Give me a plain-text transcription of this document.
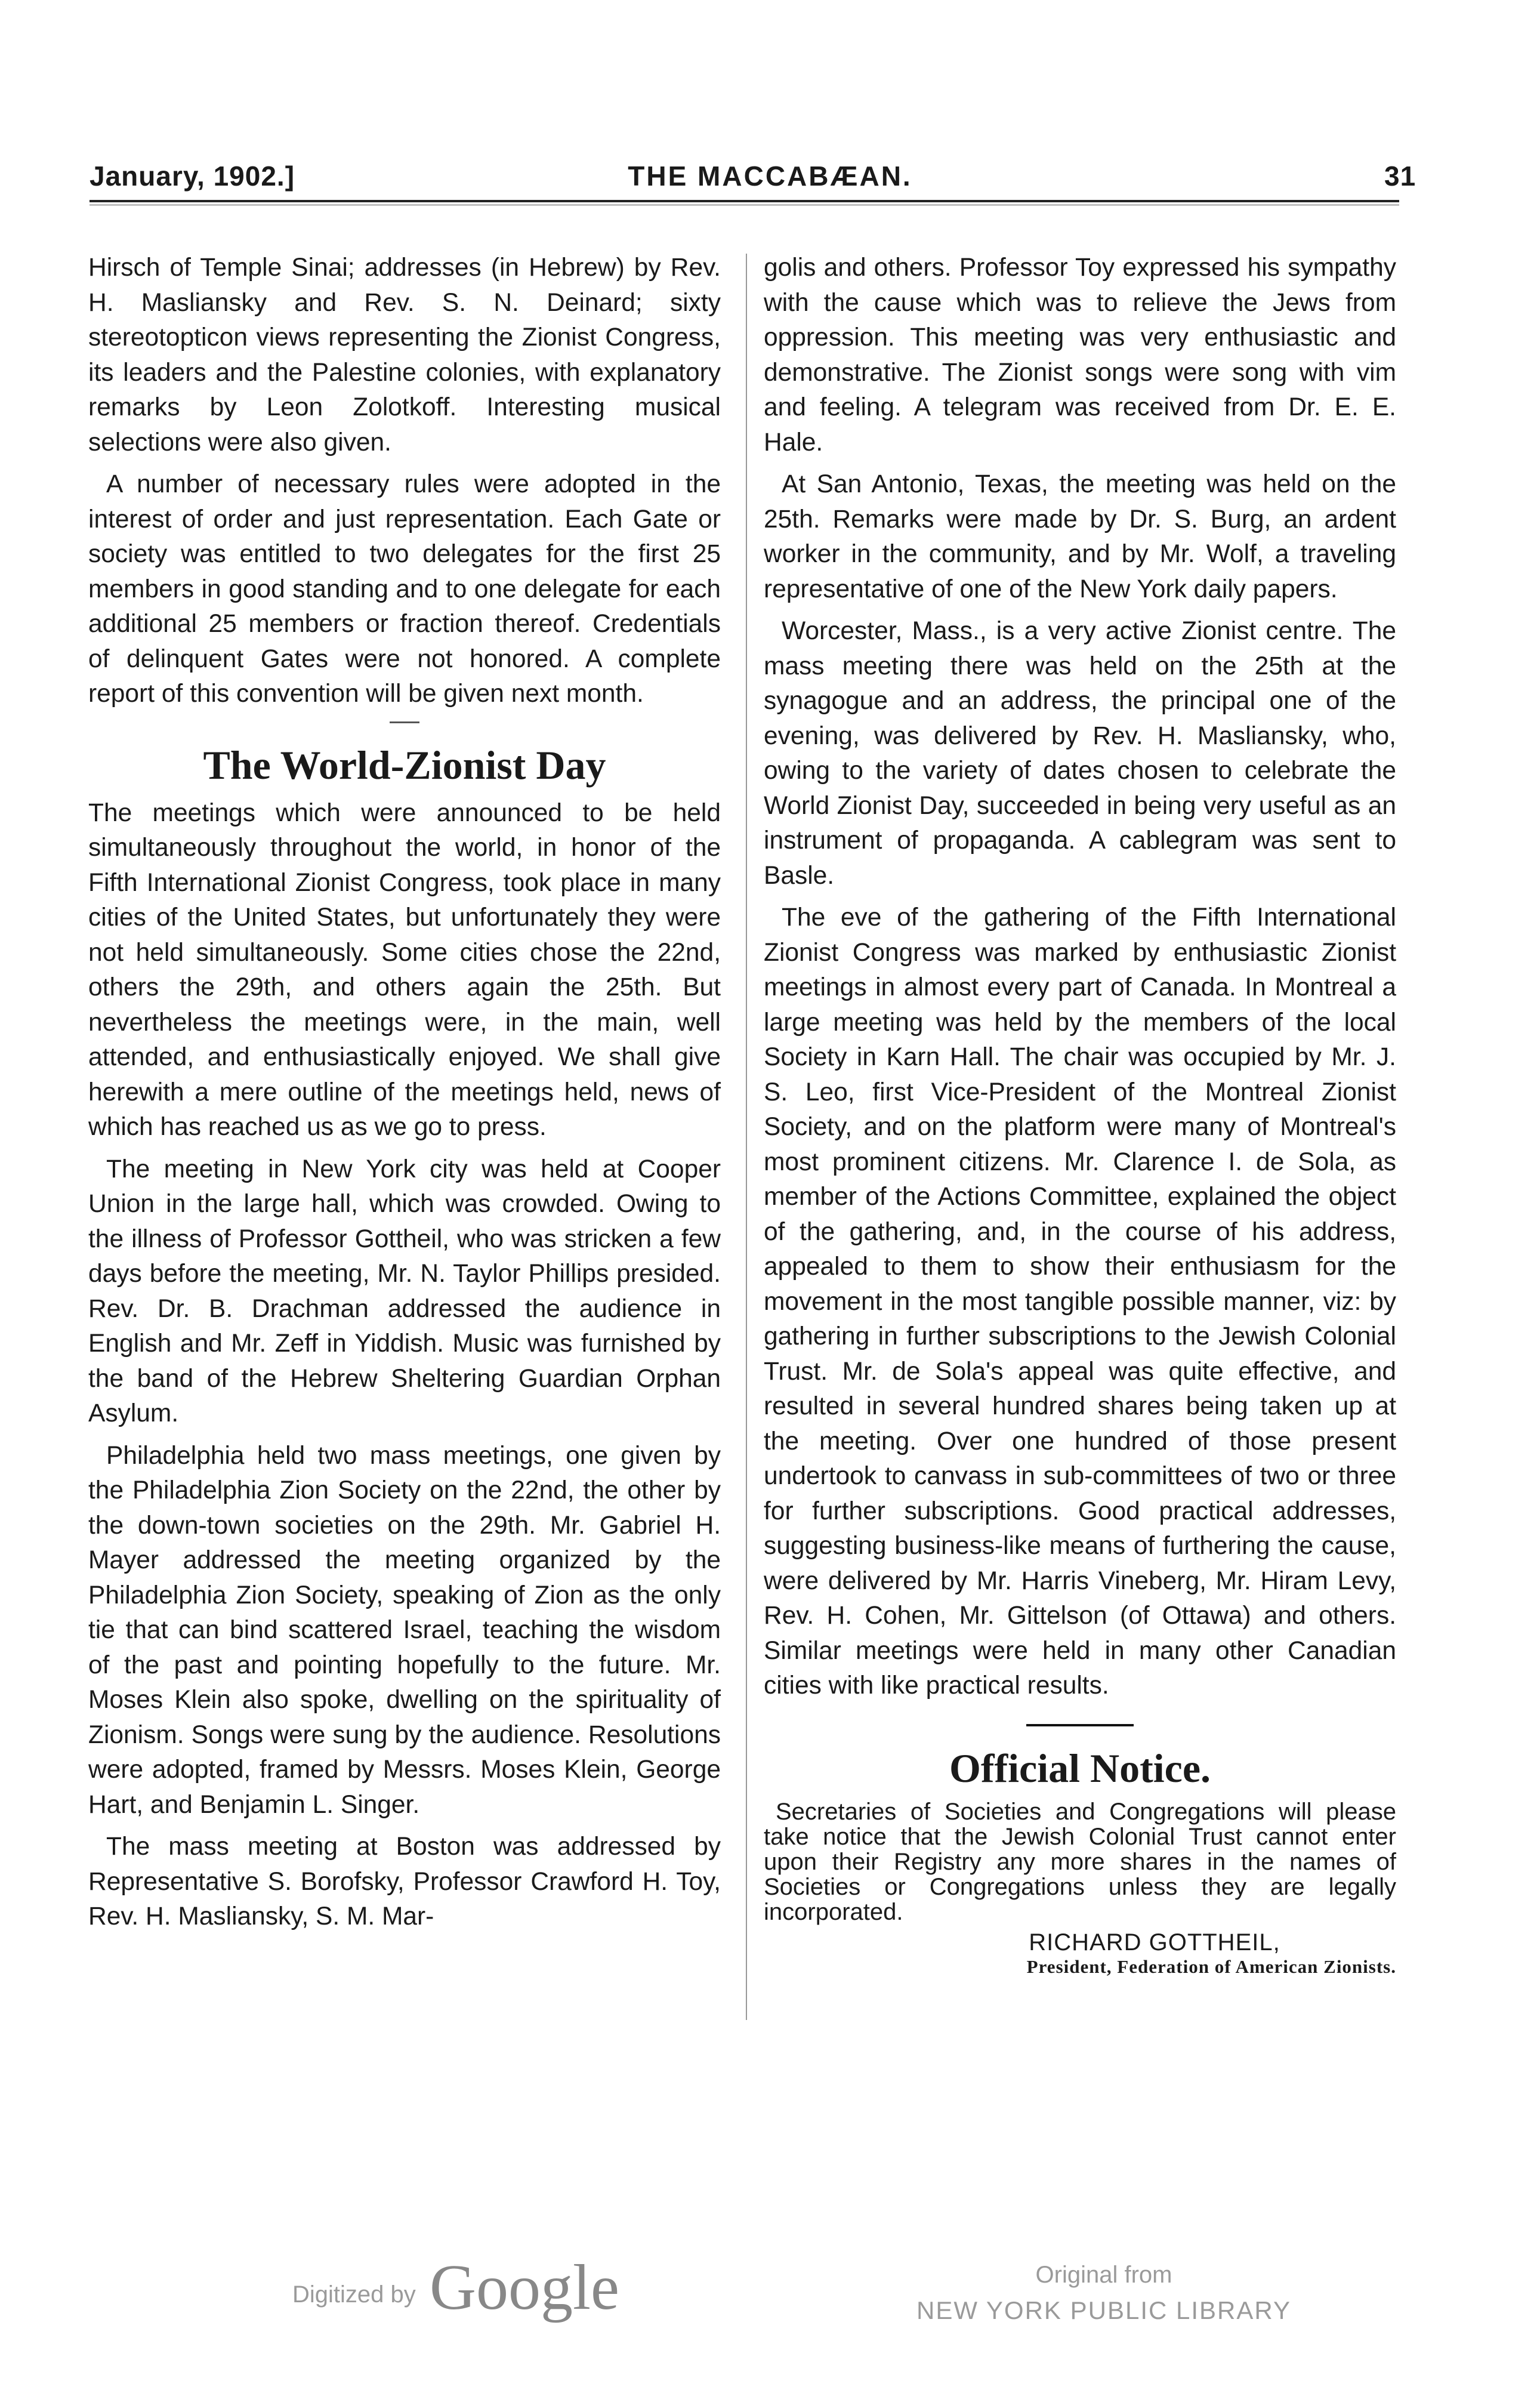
January, 1902.]	THE MACCABÆAN.	31

Hirsch of Temple Sinai; addresses (in Hebrew) by Rev. H. Masliansky and Rev. S. N. Deinard; sixty stereotopticon views representing the Zionist Congress, its leaders and the Palestine colonies, with explanatory remarks by Leon Zolotkoff. Interesting musical selections were also given.

A number of necessary rules were adopted in the interest of order and just representation. Each Gate or society was entitled to two delegates for the first 25 members in good standing and to one delegate for each additional 25 members or fraction thereof. Credentials of delinquent Gates were not honored. A complete report of this convention will be given next month.

The World-Zionist Day

The meetings which were announced to be held simultaneously throughout the world, in honor of the Fifth International Zionist Congress, took place in many cities of the United States, but unfortunately they were not held simultaneously. Some cities chose the 22nd, others the 29th, and others again the 25th. But nevertheless the meetings were, in the main, well attended, and enthusiastically enjoyed. We shall give herewith a mere outline of the meetings held, news of which has reached us as we go to press.

The meeting in New York city was held at Cooper Union in the large hall, which was crowded. Owing to the illness of Professor Gottheil, who was stricken a few days before the meeting, Mr. N. Taylor Phillips presided. Rev. Dr. B. Drachman addressed the audience in English and Mr. Zeff in Yiddish. Music was furnished by the band of the Hebrew Sheltering Guardian Orphan Asylum.

Philadelphia held two mass meetings, one given by the Philadelphia Zion Society on the 22nd, the other by the down-town societies on the 29th. Mr. Gabriel H. Mayer addressed the meeting organized by the Philadelphia Zion Society, speaking of Zion as the only tie that can bind scattered Israel, teaching the wisdom of the past and pointing hopefully to the future. Mr. Moses Klein also spoke, dwelling on the spirituality of Zionism. Songs were sung by the audience. Resolutions were adopted, framed by Messrs. Moses Klein, George Hart, and Benjamin L. Singer.

The mass meeting at Boston was addressed by Representative S. Borofsky, Professor Crawford H. Toy, Rev. H. Masliansky, S. M. Mar-

golis and others. Professor Toy expressed his sympathy with the cause which was to relieve the Jews from oppression. This meeting was very enthusiastic and demonstrative. The Zionist songs were song with vim and feeling. A telegram was received from Dr. E. E. Hale.

At San Antonio, Texas, the meeting was held on the 25th. Remarks were made by Dr. S. Burg, an ardent worker in the community, and by Mr. Wolf, a traveling representative of one of the New York daily papers.

Worcester, Mass., is a very active Zionist centre. The mass meeting there was held on the 25th at the synagogue and an address, the principal one of the evening, was delivered by Rev. H. Masliansky, who, owing to the variety of dates chosen to celebrate the World Zionist Day, succeeded in being very useful as an instrument of propaganda. A cablegram was sent to Basle.

The eve of the gathering of the Fifth International Zionist Congress was marked by enthusiastic Zionist meetings in almost every part of Canada. In Montreal a large meeting was held by the members of the local Society in Karn Hall. The chair was occupied by Mr. J. S. Leo, first Vice-President of the Montreal Zionist Society, and on the platform were many of Montreal's most prominent citizens. Mr. Clarence I. de Sola, as member of the Actions Committee, explained the object of the gathering, and, in the course of his address, appealed to them to show their enthusiasm for the movement in the most tangible possible manner, viz: by gathering in further subscriptions to the Jewish Colonial Trust. Mr. de Sola's appeal was quite effective, and resulted in several hundred shares being taken up at the meeting. Over one hundred of those present undertook to canvass in sub-committees of two or three for further subscriptions. Good practical addresses, suggesting business-like means of furthering the cause, were delivered by Mr. Harris Vineberg, Mr. Hiram Levy, Rev. H. Cohen, Mr. Gittelson (of Ottawa) and others. Similar meetings were held in many other Canadian cities with like practical results.

Official Notice.

Secretaries of Societies and Congregations will please take notice that the Jewish Colonial Trust cannot enter upon their Registry any more shares in the names of Societies or Congregations unless they are legally incorporated.

RICHARD GOTTHEIL,
President, Federation of American Zionists.
Digitized by Google	Original from
NEW YORK PUBLIC LIBRARY
